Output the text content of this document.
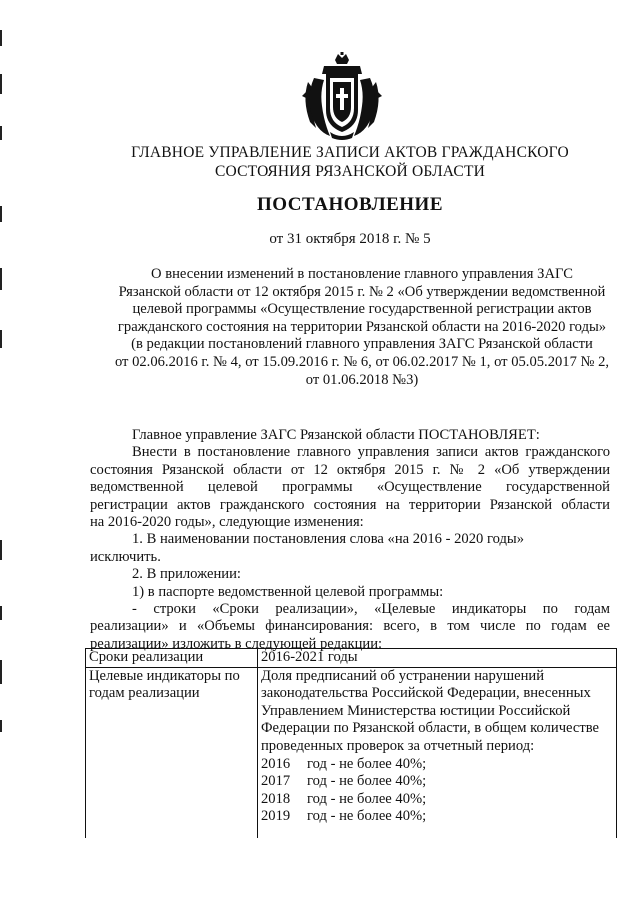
ГЛАВНОЕ УПРАВЛЕНИЕ ЗАПИСИ АКТОВ ГРАЖДАНСКОГО
СОСТОЯНИЯ РЯЗАНСКОЙ ОБЛАСТИ
ПОСТАНОВЛЕНИЕ
от 31 октября 2018 г. № 5
О внесении изменений в постановление главного управления ЗАГС
Рязанской области от 12 октября 2015 г. № 2 «Об утверждении ведомственной
целевой программы «Осуществление государственной регистрации актов
гражданского состояния на территории Рязанской области на 2016-2020 годы»
(в редакции постановлений главного управления ЗАГС Рязанской области
от 02.06.2016 г. № 4, от 15.09.2016 г. № 6, от 06.02.2017 № 1, от 05.05.2017 № 2,
от 01.06.2018 №3)

Главное управление ЗАГС Рязанской области ПОСТАНОВЛЯЕТ:

Внести в постановление главного управления записи актов гражданского

состояния Рязанской области от 12 октября 2015 г. № 2 «Об утверждении

ведомственной целевой программы «Осуществление государственной

регистрации актов гражданского состояния на территории Рязанской области

на 2016-2020 годы», следующие изменения:

1. В наименовании постановления слова «на 2016 - 2020 годы»

исключить.

2. В приложении:

1) в паспорте ведомственной целевой программы:

- строки «Сроки реализации», «Целевые индикаторы по годам

реализации» и «Объемы финансирования: всего, в том числе по годам ее

реализации» изложить в следующей редакции:

Сроки реализации	2016-2021 годы
Целевые индикаторы по годам реализации	Доля предписаний об устранении нарушений законодательства Российской Федерации, внесенных Управлением Министерства юстиции Российской Федерации по Рязанской области, в общем количестве проведенных проверок за отчетный период:
2016 год - не более 40%;
2017 год - не более 40%;
2018 год - не более 40%;
2019 год - не более 40%;
